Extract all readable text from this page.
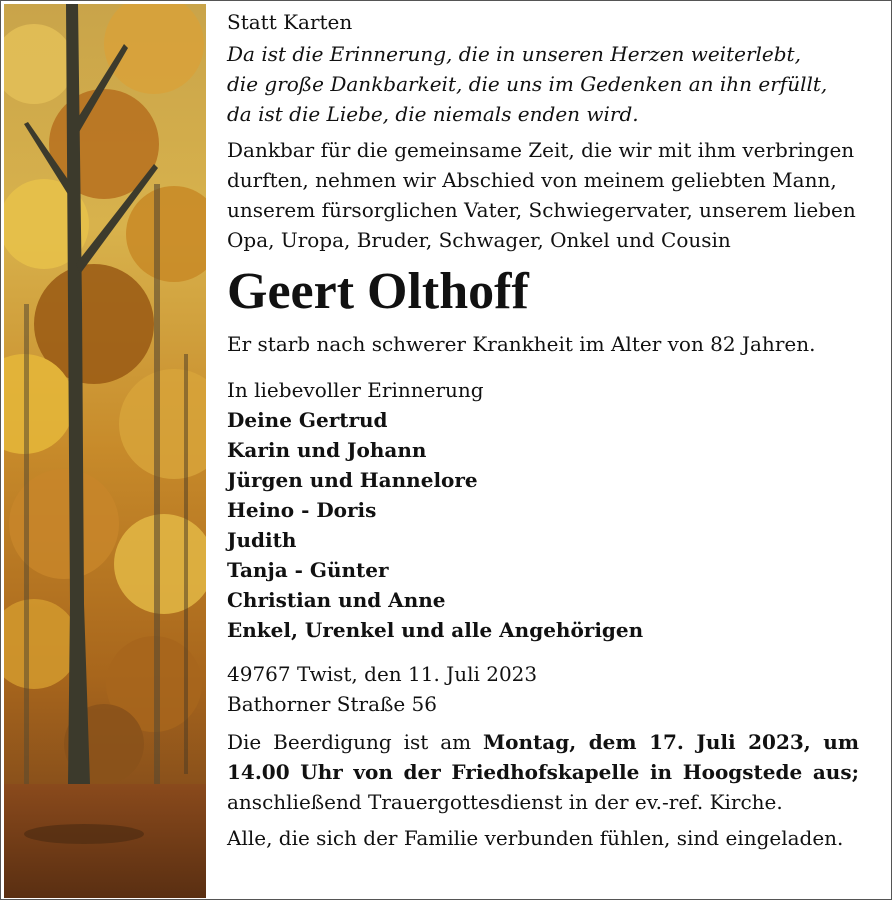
Statt Karten

Da ist die Erinnerung, die in unseren Herzen weiterlebt,

die große Dankbarkeit, die uns im Gedenken an ihn erfüllt,

da ist die Liebe, die niemals enden wird.

Dankbar für die gemeinsame Zeit, die wir mit ihm verbringen

durften, nehmen wir Abschied von meinem geliebten Mann,

unserem fürsorglichen Vater, Schwiegervater, unserem lieben

Opa, Uropa, Bruder, Schwager, Onkel und Cousin

Geert Olthoff

Er starb nach schwerer Krankheit im Alter von 82 Jahren.

In liebevoller Erinnerung

Deine Gertrud

Karin und Johann

Jürgen und Hannelore

Heino - Doris

Judith

Tanja - Günter

Christian und Anne

Enkel, Urenkel und alle Angehörigen

49767 Twist, den 11. Juli 2023

Bathorner Straße 56

Die Beerdigung ist am Montag, dem 17. Juli 2023, um 14.00 Uhr von der Friedhofskapelle in Hoogstede aus; anschließend Trauergottesdienst in der ev.-ref. Kirche.

Alle, die sich der Familie verbunden fühlen, sind eingeladen.
